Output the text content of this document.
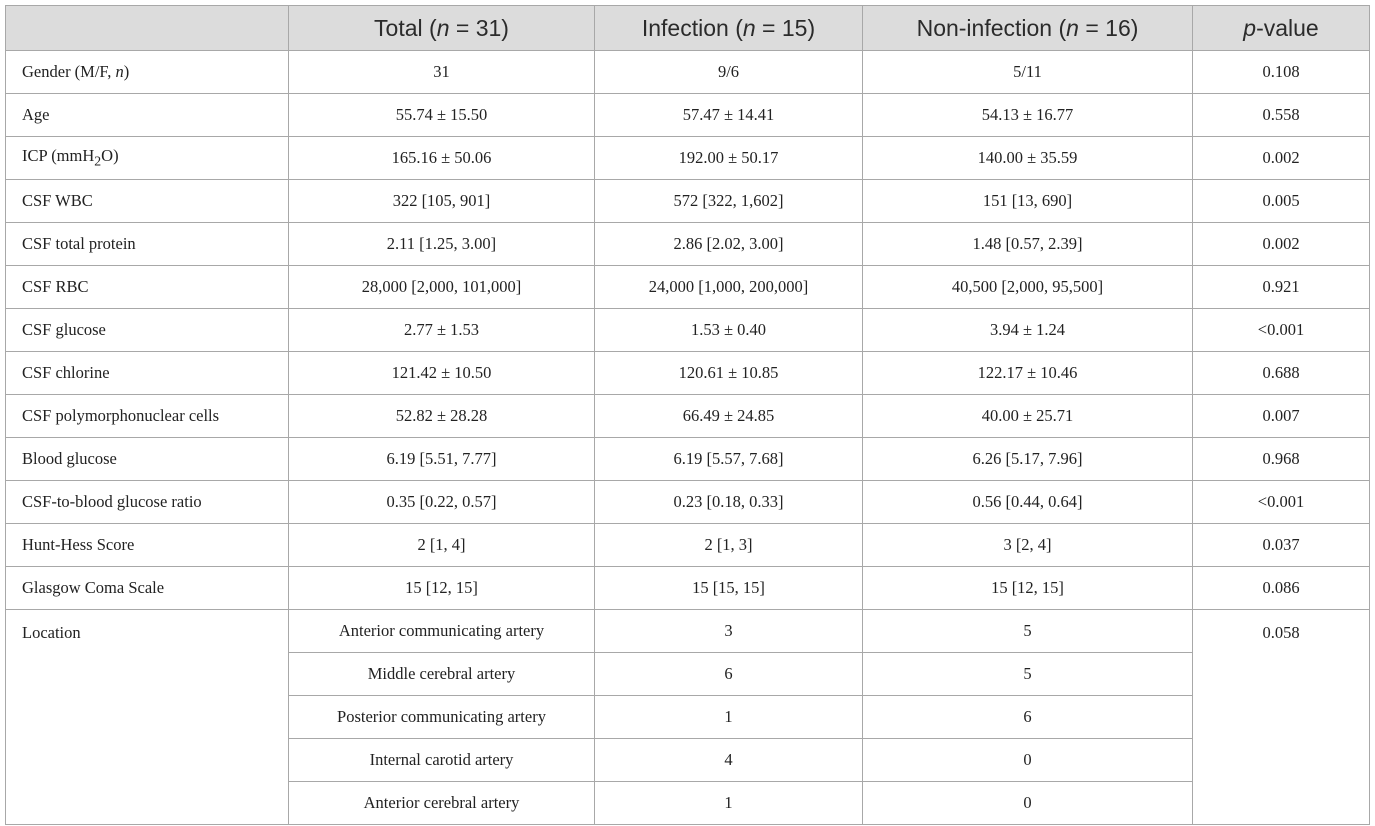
	Total (n = 31)	Infection (n = 15)	Non-infection (n = 16)	p-value
Gender (M/F, n)	31	9/6	5/11	0.108
Age	55.74 ± 15.50	57.47 ± 14.41	54.13 ± 16.77	0.558
ICP (mmH$_2$O)	165.16 ± 50.06	192.00 ± 50.17	140.00 ± 35.59	0.002
CSF WBC	322 [105, 901]	572 [322, 1,602]	151 [13, 690]	0.005
CSF total protein	2.11 [1.25, 3.00]	2.86 [2.02, 3.00]	1.48 [0.57, 2.39]	0.002
CSF RBC	28,000 [2,000, 101,000]	24,000 [1,000, 200,000]	40,500 [2,000, 95,500]	0.921
CSF glucose	2.77 ± 1.53	1.53 ± 0.40	3.94 ± 1.24	<0.001
CSF chlorine	121.42 ± 10.50	120.61 ± 10.85	122.17 ± 10.46	0.688
CSF polymorphonuclear cells	52.82 ± 28.28	66.49 ± 24.85	40.00 ± 25.71	0.007
Blood glucose	6.19 [5.51, 7.77]	6.19 [5.57, 7.68]	6.26 [5.17, 7.96]	0.968
CSF-to-blood glucose ratio	0.35 [0.22, 0.57]	0.23 [0.18, 0.33]	0.56 [0.44, 0.64]	<0.001
Hunt-Hess Score	2 [1, 4]	2 [1, 3]	3 [2, 4]	0.037
Glasgow Coma Scale	15 [12, 15]	15 [15, 15]	15 [12, 15]	0.086
Location	Anterior communicating artery	3	5	0.058
	Middle cerebral artery	6	5	
	Posterior communicating artery	1	6	
	Internal carotid artery	4	0	
	Anterior cerebral artery	1	0	
